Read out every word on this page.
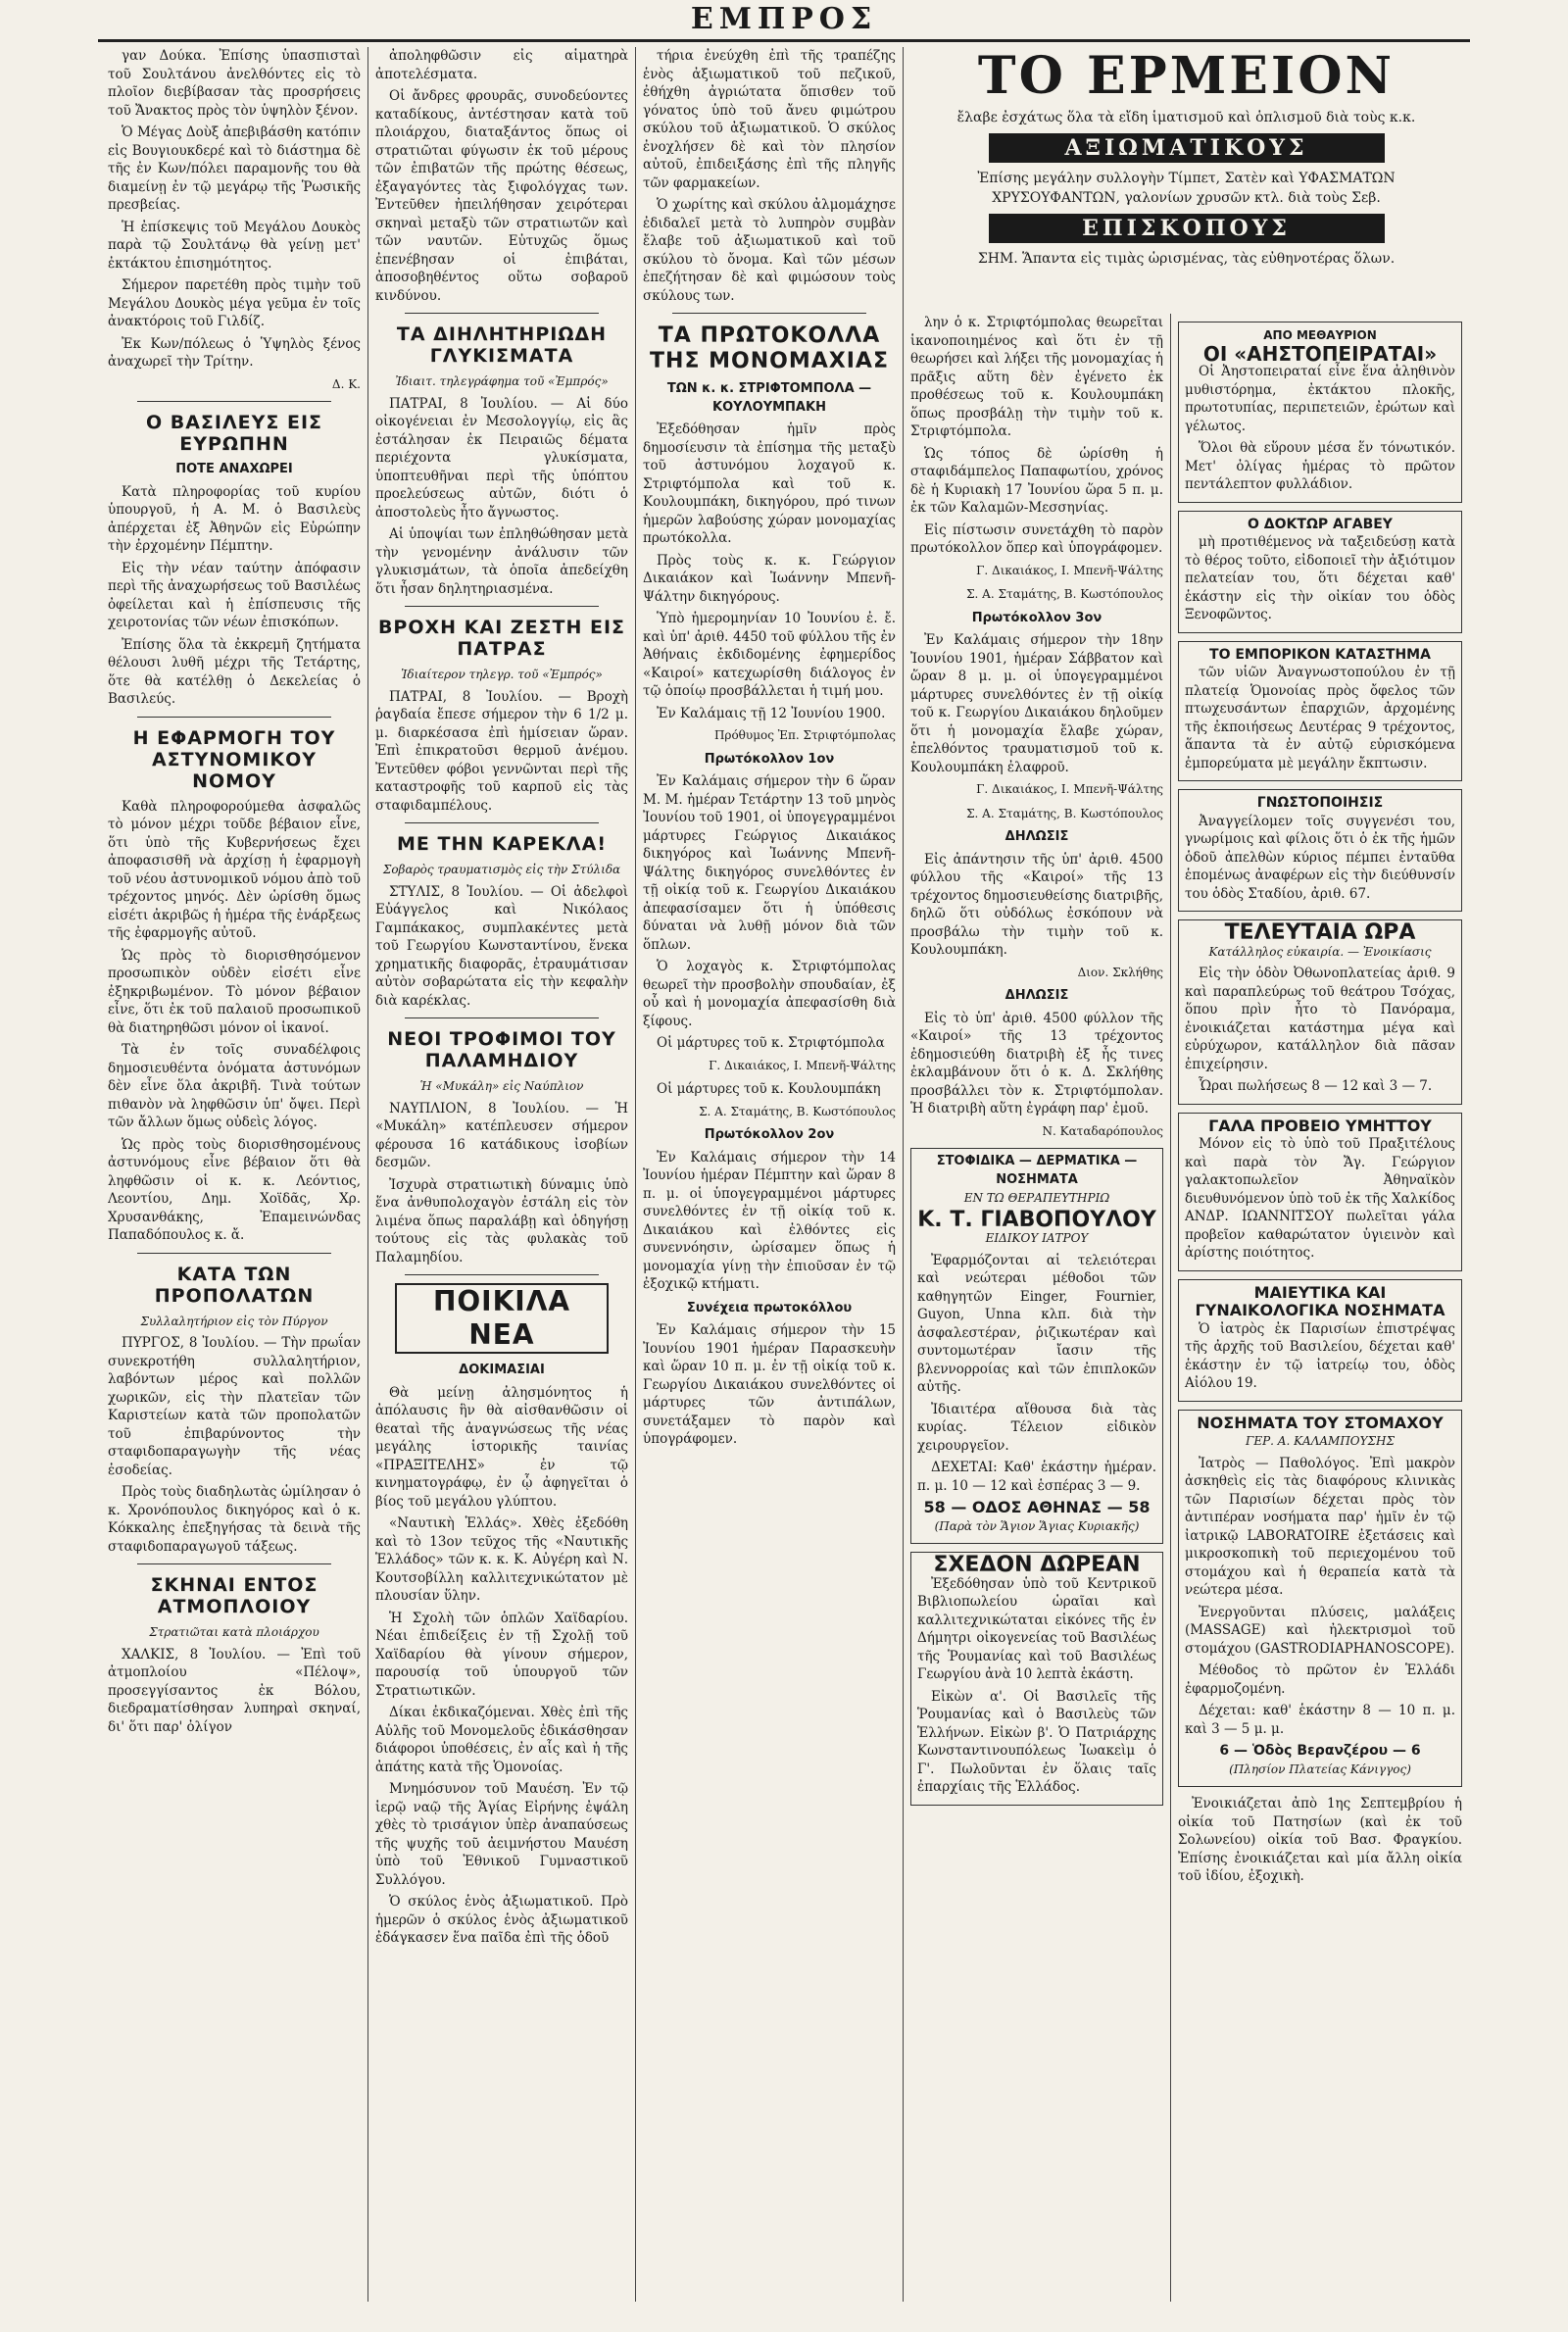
ΕΜΠΡΟΣ

γαν Δούκα. Ἐπίσης ὑπασπισταὶ τοῦ Σουλτάνου ἀνελθόντες εἰς τὸ πλοῖον διεβίβασαν τὰς προσρήσεις τοῦ Ἄνακτος πρὸς τὸν ὑψηλὸν ξένον.

Ὁ Μέγας Δοὺξ ἀπεβιβάσθη κατόπιν εἰς Βουγιουκδερέ καὶ τὸ διάστημα δὲ τῆς ἐν Κων/πόλει παραμονῆς του θὰ διαμείνῃ ἐν τῷ μεγάρῳ τῆς Ῥωσικῆς πρεσβείας.

Ἡ ἐπίσκεψις τοῦ Μεγάλου Δουκὸς παρὰ τῷ Σουλτάνῳ θὰ γείνῃ μετ' ἐκτάκτου ἐπισημότητος.

Σήμερον παρετέθη πρὸς τιμὴν τοῦ Μεγάλου Δουκὸς μέγα γεῦμα ἐν τοῖς ἀνακτόροις τοῦ Γιλδίζ.

Ἐκ Κων/πόλεως ὁ Ὑψηλὸς ξένος ἀναχωρεῖ τὴν Τρίτην.

Δ. Κ.
Ο ΒΑΣΙΛΕΥΣ ΕΙΣ ΕΥΡΩΠΗΝ
ΠΟΤΕ ΑΝΑΧΩΡΕΙ

Κατὰ πληροφορίας τοῦ κυρίου ὑπουργοῦ, ἡ Α. Μ. ὁ Βασιλεὺς ἀπέρχεται ἐξ Ἀθηνῶν εἰς Εὐρώπην τὴν ἐρχομένην Πέμπτην.

Εἰς τὴν νέαν ταύτην ἀπόφασιν περὶ τῆς ἀναχωρήσεως τοῦ Βασιλέως ὀφείλεται καὶ ἡ ἐπίσπευσις τῆς χειροτονίας τῶν νέων ἐπισκόπων.

Ἐπίσης ὅλα τὰ ἐκκρεμῆ ζητήματα θέλουσι λυθῆ μέχρι τῆς Τετάρτης, ὅτε θὰ κατέλθῃ ὁ Δεκελείας ὁ Βασιλεύς.

Η ΕΦΑΡΜΟΓΗ ΤΟΥ ΑΣΤΥΝΟΜΙΚΟΥ ΝΟΜΟΥ

Καθὰ πληροφορούμεθα ἀσφαλῶς τὸ μόνον μέχρι τοῦδε βέβαιον εἶνε, ὅτι ὑπὸ τῆς Κυβερνήσεως ἔχει ἀποφασισθῆ νὰ ἀρχίσῃ ἡ ἐφαρμογὴ τοῦ νέου ἀστυνομικοῦ νόμου ἀπὸ τοῦ τρέχοντος μηνός. Δὲν ὡρίσθη ὅμως εἰσέτι ἀκριβῶς ἡ ἡμέρα τῆς ἐνάρξεως τῆς ἐφαρμογῆς αὐτοῦ.

Ὡς πρὸς τὸ διορισθησόμενον προσωπικὸν οὐδὲν εἰσέτι εἶνε ἐξηκριβωμένον. Τὸ μόνον βέβαιον εἶνε, ὅτι ἐκ τοῦ παλαιοῦ προσωπικοῦ θὰ διατηρηθῶσι μόνον οἱ ἱκανοί.

Τὰ ἐν τοῖς συναδέλφοις δημοσιευθέντα ὀνόματα ἀστυνόμων δὲν εἶνε ὅλα ἀκριβῆ. Τινὰ τούτων πιθανὸν νὰ ληφθῶσιν ὑπ' ὄψει. Περὶ τῶν ἄλλων ὅμως οὐδεὶς λόγος.

Ὡς πρὸς τοὺς διορισθησομένους ἀστυνόμους εἶνε βέβαιον ὅτι θὰ ληφθῶσιν οἱ κ. κ. Λεόντιος, Λεοντίου, Δημ. Χοϊδᾶς, Χρ. Χρυσανθάκης, Ἐπαμεινώνδας Παπαδόπουλος κ. ἄ.

ΚΑΤΑ ΤΩΝ ΠΡΟΠΟΛΑΤΩΝ
Συλλαλητήριον εἰς τὸν Πύργον

ΠΥΡΓΟΣ, 8 Ἰουλίου. — Τὴν πρωΐαν συνεκροτήθη συλλαλητήριον, λαβόντων μέρος καὶ πολλῶν χωρικῶν, εἰς τὴν πλατεῖαν τῶν Καριστείων κατὰ τῶν προπολατῶν τοῦ ἐπιβαρύνοντος τὴν σταφιδοπαραγωγὴν τῆς νέας ἐσοδείας.

Πρὸς τοὺς διαδηλωτὰς ὡμίλησαν ὁ κ. Χρονόπουλος δικηγόρος καὶ ὁ κ. Κόκκαλης ἐπεξηγήσας τὰ δεινὰ τῆς σταφιδοπαραγωγοῦ τάξεως.

ΣΚΗΝΑΙ ΕΝΤΟΣ ΑΤΜΟΠΛΟΙΟΥ
Στρατιῶται κατὰ πλοιάρχου

ΧΑΛΚΙΣ, 8 Ἰουλίου. — Ἐπὶ τοῦ ἀτμοπλοίου «Πέλοψ», προσεγγίσαντος ἐκ Βόλου, διεδραματίσθησαν λυπηραὶ σκηναί, δι' ὅτι παρ' ὀλίγον

ἀποληφθῶσιν εἰς αἱματηρὰ ἀποτελέσματα.

Οἱ ἄνδρες φρουρᾶς, συνοδεύοντες καταδίκους, ἀντέστησαν κατὰ τοῦ πλοιάρχου, διαταξάντος ὅπως οἱ στρατιῶται φύγωσιν ἐκ τοῦ μέρους τῶν ἐπιβατῶν τῆς πρώτης θέσεως, ἐξαγαγόντες τὰς ξιφολόγχας των. Ἐντεῦθεν ἠπειλήθησαν χειρότεραι σκηναὶ μεταξὺ τῶν στρατιωτῶν καὶ τῶν ναυτῶν. Εὐτυχῶς ὅμως ἐπενέβησαν οἱ ἐπιβάται, ἀποσοβηθέντος οὕτω σοβαροῦ κινδύνου.

ΤΑ ΔΙΗΛΗΤΗΡΙΩΔΗ ΓΛΥΚΙΣΜΑΤΑ
Ἰδιαιτ. τηλεγράφημα τοῦ «Ἐμπρός»

ΠΑΤΡΑΙ, 8 Ἰουλίου. — Αἱ δύο οἰκογένειαι ἐν Μεσολογγίῳ, εἰς ἃς ἐστάλησαν ἐκ Πειραιῶς δέματα περιέχοντα γλυκίσματα, ὑποπτευθῆναι περὶ τῆς ὑπόπτου προελεύσεως αὐτῶν, διότι ὁ ἀποστολεὺς ἦτο ἄγνωστος.

Αἱ ὑποψίαι των ἐπληθώθησαν μετὰ τὴν γενομένην ἀνάλυσιν τῶν γλυκισμάτων, τὰ ὁποῖα ἀπεδείχθη ὅτι ἦσαν δηλητηριασμένα.

ΒΡΟΧΗ ΚΑΙ ΖΕΣΤΗ ΕΙΣ ΠΑΤΡΑΣ
Ἰδιαίτερον τηλεγρ. τοῦ «Ἐμπρός»

ΠΑΤΡΑΙ, 8 Ἰουλίου. — Βροχὴ ῥαγδαία ἔπεσε σήμερον τὴν 6 1/2 μ. μ. διαρκέσασα ἐπὶ ἡμίσειαν ὥραν. Ἐπὶ ἐπικρατοῦσι θερμοῦ ἀνέμου. Ἐντεῦθεν φόβοι γεννῶνται περὶ τῆς καταστροφῆς τοῦ καρποῦ εἰς τὰς σταφιδαμπέλους.

ΜΕ ΤΗΝ ΚΑΡΕΚΛΑ!
Σοβαρὸς τραυματισμὸς εἰς τὴν Στύλιδα

ΣΤΥΛΙΣ, 8 Ἰουλίου. — Οἱ ἀδελφοὶ Εὐάγγελος καὶ Νικόλαος Γαμπάκακος, συμπλακέντες μετὰ τοῦ Γεωργίου Κωνσταντίνου, ἕνεκα χρηματικῆς διαφορᾶς, ἐτραυμάτισαν αὐτὸν σοβαρώτατα εἰς τὴν κεφαλὴν διὰ καρέκλας.

ΝΕΟΙ ΤΡΟΦΙΜΟΙ ΤΟΥ ΠΑΛΑΜΗΔΙΟΥ
Ἡ «Μυκάλη» εἰς Ναύπλιον

ΝΑΥΠΛΙΟΝ, 8 Ἰουλίου. — Ἡ «Μυκάλη» κατέπλευσεν σήμερον φέρουσα 16 κατάδικους ἰσοβίων δεσμῶν.

Ἰσχυρὰ στρατιωτικὴ δύναμις ὑπὸ ἕνα ἀνθυπολοχαγὸν ἐστάλη εἰς τὸν λιμένα ὅπως παραλάβῃ καὶ ὁδηγήσῃ τούτους εἰς τὰς φυλακὰς τοῦ Παλαμηδίου.

ΠΟΙΚΙΛΑ ΝΕΑ
ΔΟΚΙΜΑΣΙΑΙ

Θὰ μείνῃ ἀλησμόνητος ἡ ἀπόλαυσις ἣν θὰ αἰσθανθῶσιν οἱ θεαταὶ τῆς ἀναγνώσεως τῆς νέας μεγάλης ἱστορικῆς ταινίας «ΠΡΑΞΙΤΕΛΗΣ» ἐν τῷ κινηματογράφῳ, ἐν ᾧ ἀφηγεῖται ὁ βίος τοῦ μεγάλου γλύπτου.

«Ναυτικὴ Ἑλλάς». Χθὲς ἐξεδόθη καὶ τὸ 13ον τεῦχος τῆς «Ναυτικῆς Ἑλλάδος» τῶν κ. κ. Κ. Αὐγέρη καὶ Ν. Κουτσοβίλλη καλλιτεχνικώτατον μὲ πλουσίαν ὕλην.

Ἡ Σχολὴ τῶν ὁπλῶν Χαϊδαρίου. Νέαι ἐπιδείξεις ἐν τῇ Σχολῇ τοῦ Χαϊδαρίου θὰ γίνουν σήμερον, παρουσίᾳ τοῦ ὑπουργοῦ τῶν Στρατιωτικῶν.

Δίκαι ἐκδικαζόμεναι. Χθὲς ἐπὶ τῆς Αὐλῆς τοῦ Μονομελοῦς ἐδικάσθησαν διάφοροι ὑποθέσεις, ἐν αἷς καὶ ἡ τῆς ἀπάτης κατὰ τῆς Ὁμονοίας.

Μνημόσυνον τοῦ Μαυέση. Ἐν τῷ ἱερῷ ναῷ τῆς Ἁγίας Εἰρήνης ἐψάλη χθὲς τὸ τρισάγιον ὑπὲρ ἀναπαύσεως τῆς ψυχῆς τοῦ ἀειμνήστου Μαυέση ὑπὸ τοῦ Ἐθνικοῦ Γυμναστικοῦ Συλλόγου.

Ὁ σκύλος ἑνὸς ἀξιωματικοῦ. Πρὸ ἡμερῶν ὁ σκύλος ἑνὸς ἀξιωματικοῦ ἐδάγκασεν ἕνα παῖδα ἐπὶ τῆς ὁδοῦ

τήρια ἐνεύχθη ἐπὶ τῆς τραπέζης ἑνὸς ἀξιωματικοῦ τοῦ πεζικοῦ, ἐθήχθη ἀγριώτατα ὅπισθεν τοῦ γόνατος ὑπὸ τοῦ ἄνευ φιμώτρου σκύλου τοῦ ἀξιωματικοῦ. Ὁ σκύλος ἐνοχλήσεν δὲ καὶ τὸν πλησίον αὐτοῦ, ἐπιδειξάσης ἐπὶ τῆς πληγῆς τῶν φαρμακείων.

Ὁ χωρίτης καὶ σκύλου ἀλμομάχησε ἐδιδαλεῖ μετὰ τὸ λυπηρὸν συμβὰν ἔλαβε τοῦ ἀξιωματικοῦ καὶ τοῦ σκύλου τὸ ὄνομα. Καὶ τῶν μέσων ἐπεζήτησαν δὲ καὶ φιμώσουν τοὺς σκύλους των.

ΤΑ ΠΡΩΤΟΚΟΛΛΑ ΤΗΣ ΜΟΝΟΜΑΧΙΑΣ
ΤΩΝ κ. κ. ΣΤΡΙΦΤΟΜΠΟΛΑ — ΚΟΥΛΟΥΜΠΑΚΗ

Ἐξεδόθησαν ἡμῖν πρὸς δημοσίευσιν τὰ ἐπίσημα τῆς μεταξὺ τοῦ ἀστυνόμου λοχαγοῦ κ. Στριφτόμπολα καὶ τοῦ κ. Κουλουμπάκη, δικηγόρου, πρό τινων ἡμερῶν λαβούσης χώραν μονομαχίας πρωτόκολλα.

Πρὸς τοὺς κ. κ. Γεώργιον Δικαιάκον καὶ Ἰωάννην Μπενῆ-Ψάλτην δικηγόρους.

Ὑπὸ ἡμερομηνίαν 10 Ἰουνίου ἐ. ἔ. καὶ ὑπ' ἀριθ. 4450 τοῦ φύλλου τῆς ἐν Ἀθήναις ἐκδιδομένης ἐφημερίδος «Καιροί» κατεχωρίσθη διάλογος ἐν τῷ ὁποίῳ προσβάλλεται ἡ τιμή μου.

Ἐν Καλάμαις τῇ 12 Ἰουνίου 1900.

Πρόθυμος Ἐπ. Στριφτόμπολας
Πρωτόκολλον 1ον

Ἐν Καλάμαις σήμερον τὴν 6 ὥραν Μ. Μ. ἡμέραν Τετάρτην 13 τοῦ μηνὸς Ἰουνίου τοῦ 1901, οἱ ὑπογεγραμμένοι μάρτυρες Γεώργιος Δικαιάκος δικηγόρος καὶ Ἰωάννης Μπενῆ-Ψάλτης δικηγόρος συνελθόντες ἐν τῇ οἰκίᾳ τοῦ κ. Γεωργίου Δικαιάκου ἀπεφασίσαμεν ὅτι ἡ ὑπόθεσις δύναται νὰ λυθῇ μόνον διὰ τῶν ὅπλων.

Ὁ λοχαγὸς κ. Στριφτόμπολας θεωρεῖ τὴν προσβολὴν σπουδαίαν, ἐξ οὗ καὶ ἡ μονομαχία ἀπεφασίσθη διὰ ξίφους.

Οἱ μάρτυρες τοῦ κ. Στριφτόμπολα

Γ. Δικαιάκος, Ι. Μπενῆ-Ψάλτης

Οἱ μάρτυρες τοῦ κ. Κουλουμπάκη

Σ. Α. Σταμάτης, Β. Κωστόπουλος
Πρωτόκολλον 2ον

Ἐν Καλάμαις σήμερον τὴν 14 Ἰουνίου ἡμέραν Πέμπτην καὶ ὥραν 8 π. μ. οἱ ὑπογεγραμμένοι μάρτυρες συνελθόντες ἐν τῇ οἰκίᾳ τοῦ κ. Δικαιάκου καὶ ἐλθόντες εἰς συνεννόησιν, ὠρίσαμεν ὅπως ἡ μονομαχία γίνῃ τὴν ἐπιοῦσαν ἐν τῷ ἐξοχικῷ κτήματι.

Συνέχεια πρωτοκόλλου

Ἐν Καλάμαις σήμερον τὴν 15 Ἰουνίου 1901 ἡμέραν Παρασκευὴν καὶ ὥραν 10 π. μ. ἐν τῇ οἰκίᾳ τοῦ κ. Γεωργίου Δικαιάκου συνελθόντες οἱ μάρτυρες τῶν ἀντιπάλων, συνετάξαμεν τὸ παρὸν καὶ ὑπογράφομεν.

ΤΟ ΕΡΜΕΙΟΝ
ἔλαβε ἐσχάτως ὅλα τὰ εἴδη ἱματισμοῦ καὶ ὁπλισμοῦ διὰ τοὺς κ.κ.
ΑΞΙΩΜΑΤΙΚΟΥΣ
Ἐπίσης μεγάλην συλλογὴν Τίμπετ, Σατὲν καὶ ΥΦΑΣΜΑΤΩΝ ΧΡΥΣΟΥΦΑΝΤΩΝ, γαλονίων χρυσῶν κτλ. διὰ τοὺς Σεβ.
ΕΠΙΣΚΟΠΟΥΣ
ΣΗΜ. Ἅπαντα εἰς τιμὰς ὡρισμένας, τὰς εὐθηνοτέρας ὅλων.

λην ὁ κ. Στριφτόμπολας θεωρεῖται ἱκανοποιημένος καὶ ὅτι ἐν τῇ θεωρήσει καὶ λήξει τῆς μονομαχίας ἡ πρᾶξις αὕτη δὲν ἐγένετο ἐκ προθέσεως τοῦ κ. Κουλουμπάκη ὅπως προσβάλῃ τὴν τιμὴν τοῦ κ. Στριφτόμπολα.

Ὡς τόπος δὲ ὡρίσθη ἡ σταφιδάμπελος Παπαφωτίου, χρόνος δὲ ἡ Κυριακὴ 17 Ἰουνίου ὥρα 5 π. μ. ἐκ τῶν Καλαμῶν-Μεσσηνίας.

Εἰς πίστωσιν συνετάχθη τὸ παρὸν πρωτόκολλον ὅπερ καὶ ὑπογράφομεν.

Γ. Δικαιάκος, Ι. Μπενῆ-Ψάλτης
Σ. Α. Σταμάτης, Β. Κωστόπουλος
Πρωτόκολλον 3ον

Ἐν Καλάμαις σήμερον τὴν 18ην Ἰουνίου 1901, ἡμέραν Σάββατον καὶ ὥραν 8 μ. μ. οἱ ὑπογεγραμμένοι μάρτυρες συνελθόντες ἐν τῇ οἰκίᾳ τοῦ κ. Γεωργίου Δικαιάκου δηλοῦμεν ὅτι ἡ μονομαχία ἔλαβε χώραν, ἐπελθόντος τραυματισμοῦ τοῦ κ. Κουλουμπάκη ἐλαφροῦ.

Γ. Δικαιάκος, Ι. Μπενῆ-Ψάλτης
Σ. Α. Σταμάτης, Β. Κωστόπουλος
ΔΗΛΩΣΙΣ

Εἰς ἀπάντησιν τῆς ὑπ' ἀριθ. 4500 φύλλου τῆς «Καιροί» τῆς 13 τρέχοντος δημοσιευθείσης διατριβῆς, δηλῶ ὅτι οὐδόλως ἐσκόπουν νὰ προσβάλω τὴν τιμὴν τοῦ κ. Κουλουμπάκη.

Διον. Σκλήθης
ΔΗΛΩΣΙΣ

Εἰς τὸ ὑπ' ἀριθ. 4500 φύλλον τῆς «Καιροί» τῆς 13 τρέχοντος ἐδημοσιεύθη διατριβὴ ἐξ ἧς τινες ἐκλαμβάνουν ὅτι ὁ κ. Δ. Σκλήθης προσβάλλει τὸν κ. Στριφτόμπολαν. Ἡ διατριβὴ αὕτη ἐγράφη παρ' ἐμοῦ.

Ν. Καταδαρόπουλος
ΣΤΟΦΙΔΙΚΑ — ΔΕΡΜΑΤΙΚΑ — ΝΟΣΗΜΑΤΑ
ΕΝ ΤΩ ΘΕΡΑΠΕΥΤΗΡΙΩ
Κ. Τ. ΓΙΑΒΟΠΟΥΛΟΥ
ΕΙΔΙΚΟΥ ΙΑΤΡΟΥ

Ἐφαρμόζονται αἱ τελειότεραι καὶ νεώτεραι μέθοδοι τῶν καθηγητῶν Einger, Fournier, Guyon, Unna κλπ. διὰ τὴν ἀσφαλεστέραν, ῥιζικωτέραν καὶ συντομωτέραν ἴασιν τῆς βλεννορροίας καὶ τῶν ἐπιπλοκῶν αὐτῆς.

Ἰδιαιτέρα αἴθουσα διὰ τὰς κυρίας. Τέλειον εἰδικὸν χειρουργεῖον.

ΔΕΧΕΤΑΙ: Καθ' ἑκάστην ἡμέραν. π. μ. 10 — 12 καὶ ἑσπέρας 3 — 9.

58 — ΟΔΟΣ ΑΘΗΝΑΣ — 58
(Παρὰ τὸν Ἅγιον Ἅγιας Κυριακῆς)
ΣΧΕΔΟΝ ΔΩΡΕΑΝ

Ἐξεδόθησαν ὑπὸ τοῦ Κεντρικοῦ Βιβλιοπωλείου ὡραῖαι καὶ καλλιτεχνικώταται εἰκόνες τῆς ἐν Δήμητρι οἰκογενείας τοῦ Βασιλέως τῆς Ῥουμανίας καὶ τοῦ Βασιλέως Γεωργίου ἀνὰ 10 λεπτὰ ἑκάστη.

Εἰκὼν α'. Οἱ Βασιλεῖς τῆς Ῥουμανίας καὶ ὁ Βασιλεὺς τῶν Ἑλλήνων. Εἰκὼν β'. Ὁ Πατριάρχης Κωνσταντινουπόλεως Ἰωακεὶμ ὁ Γ'. Πωλοῦνται ἐν ὅλαις ταῖς ἐπαρχίαις τῆς Ἑλλάδος.

ΑΠΟ ΜΕΘΑΥΡΙΟΝ
ΟΙ «ΑΗΣΤΟΠΕΙΡΑΤΑΙ»

Οἱ Ἀηστοπειραταί εἶνε ἕνα ἀληθινὸν μυθιστόρημα, ἐκτάκτου πλοκῆς, πρωτοτυπίας, περιπετειῶν, ἐρώτων καὶ γέλωτος.

Ὅλοι θὰ εὕρουν μέσα ἕν τόνωτικόν. Μετ' ὀλίγας ἡμέρας τὸ πρῶτον πεντάλεπτον φυλλάδιον.

Ο ΔΟΚΤΩΡ ΑΓΑΒΕΥ

μὴ προτιθέμενος νὰ ταξειδεύσῃ κατὰ τὸ θέρος τοῦτο, εἰδοποιεῖ τὴν ἀξιότιμον πελατείαν του, ὅτι δέχεται καθ' ἑκάστην εἰς τὴν οἰκίαν του ὁδὸς Ξενοφῶντος.

ΤΟ ΕΜΠΟΡΙΚΟΝ ΚΑΤΑΣΤΗΜΑ

τῶν υἱῶν Ἀναγνωστοπούλου ἐν τῇ πλατείᾳ Ὁμονοίας πρὸς ὄφελος τῶν πτωχευσάντων ἐπαρχιῶν, ἀρχομένης τῆς ἐκποιήσεως Δευτέρας 9 τρέχοντος, ἅπαντα τὰ ἐν αὐτῷ εὑρισκόμενα ἐμπορεύματα μὲ μεγάλην ἔκπτωσιν.

ΓΝΩΣΤΟΠΟΙΗΣΙΣ

Ἀναγγείλομεν τοῖς συγγενέσι του, γνωρίμοις καὶ φίλοις ὅτι ὁ ἐκ τῆς ἡμῶν ὁδοῦ ἀπελθὼν κύριος πέμπει ἐνταῦθα ἑπομένως ἀναφέρων εἰς τὴν διεύθυνσίν του ὁδὸς Σταδίου, ἀριθ. 67.

ΤΕΛΕΥΤΑΙΑ ΩΡΑ
Κατάλληλος εὐκαιρία. — Ἐνοικίασις

Εἰς τὴν ὁδὸν Ὀθωνοπλατείας ἀριθ. 9 καὶ παραπλεύρως τοῦ θεάτρου Τσόχας, ὅπου πρὶν ἦτο τὸ Πανόραμα, ἐνοικιάζεται κατάστημα μέγα καὶ εὐρύχωρον, κατάλληλον διὰ πᾶσαν ἐπιχείρησιν.

Ὧραι πωλήσεως 8 — 12 καὶ 3 — 7.

ΓΑΛΑ ΠΡΟΒΕΙΟ ΥΜΗΤΤΟΥ

Μόνον εἰς τὸ ὑπὸ τοῦ Πραξιτέλους καὶ παρὰ τὸν Ἄγ. Γεώργιον γαλακτοπωλεῖον Ἀθηναϊκὸν διευθυνόμενον ὑπὸ τοῦ ἐκ τῆς Χαλκίδος ΑΝΔΡ. ΙΩΑΝΝΙΤΣΟΥ πωλεῖται γάλα προβεῖον καθαρώτατον ὑγιεινὸν καὶ ἀρίστης ποιότητος.

ΜΑΙΕΥΤΙΚΑ ΚΑΙ ΓΥΝΑΙΚΟΛΟΓΙΚΑ ΝΟΣΗΜΑΤΑ

Ὁ ἰατρὸς ἐκ Παρισίων ἐπιστρέψας τῆς ἀρχῆς τοῦ Βασιλείου, δέχεται καθ' ἑκάστην ἐν τῷ ἰατρείῳ του, ὁδὸς Αἰόλου 19.

ΝΟΣΗΜΑΤΑ ΤΟΥ ΣΤΟΜΑΧΟΥ
ΓΕΡ. Α. ΚΑΛΑΜΠΟΥΣΗΣ

Ἰατρὸς — Παθολόγος. Ἐπὶ μακρὸν ἀσκηθεὶς εἰς τὰς διαφόρους κλινικὰς τῶν Παρισίων δέχεται πρὸς τὸν ἀντιπέραν νοσήματα παρ' ἡμῖν ἐν τῷ ἰατρικῷ LABORATOIRE ἐξετάσεις καὶ μικροσκοπικὴ τοῦ περιεχομένου τοῦ στομάχου καὶ ἡ θεραπεία κατὰ τὰ νεώτερα μέσα.

Ἐνεργοῦνται πλύσεις, μαλάξεις (MASSAGE) καὶ ἠλεκτρισμοὶ τοῦ στομάχου (GASTRODIAPHANOSCOPE).

Μέθοδος τὸ πρῶτον ἐν Ἑλλάδι ἐφαρμοζομένη.

Δέχεται: καθ' ἑκάστην 8 — 10 π. μ. καὶ 3 — 5 μ. μ.

6 — Ὁδὸς Βερανζέρου — 6
(Πλησίον Πλατείας Κάνιγγος)

Ἐνοικιάζεται ἀπὸ 1ης Σεπτεμβρίου ἡ οἰκία τοῦ Πατησίων (καὶ ἐκ τοῦ Σολωνείου) οἰκία τοῦ Βασ. Φραγκίου. Ἐπίσης ἐνοικιάζεται καὶ μία ἄλλη οἰκία τοῦ ἰδίου, ἐξοχικὴ.
